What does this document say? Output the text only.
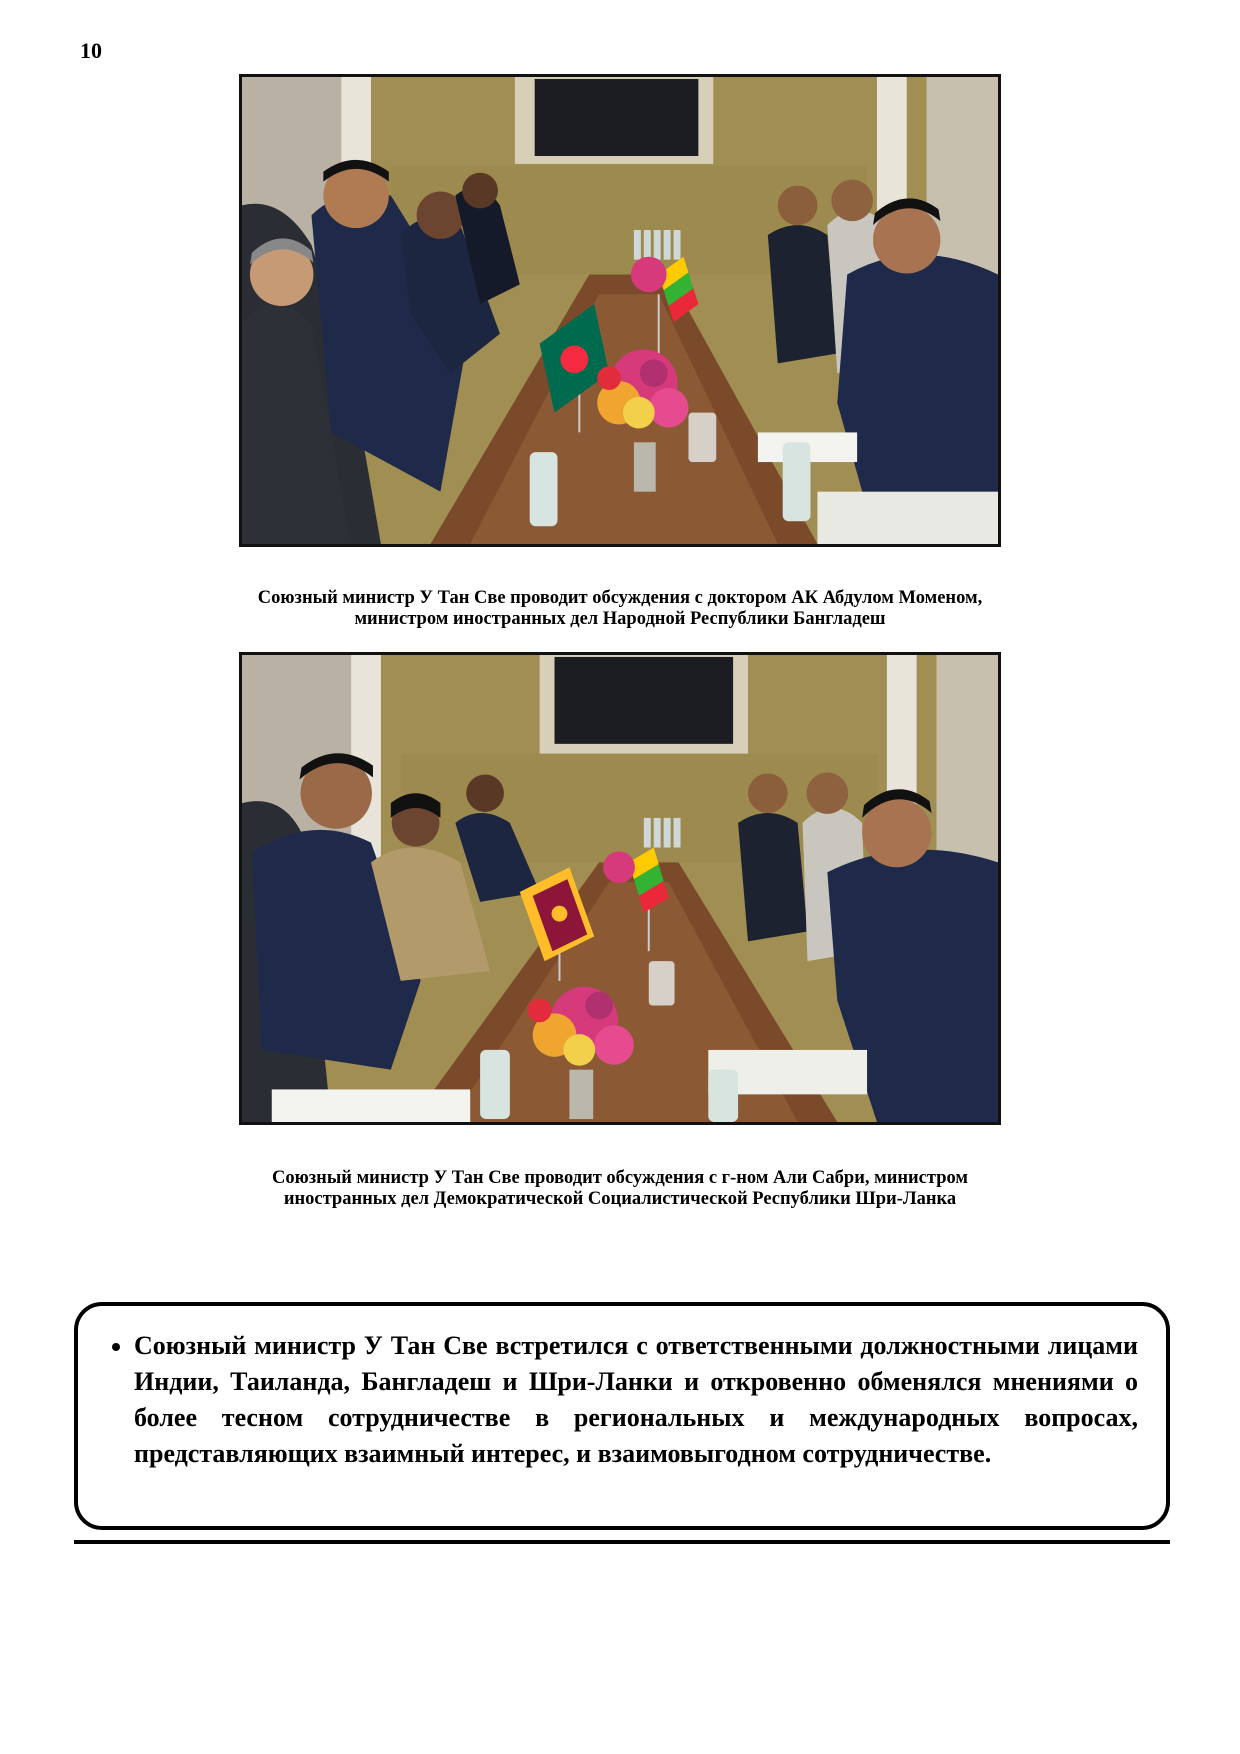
10
Союзный министр У Тан Све проводит обсуждения с доктором АК Абдулом Моменом,
министром иностранных дел Народной Республики Бангладеш
Союзный министр У Тан Све проводит обсуждения с г-ном Али Сабри, министром
иностранных дел Демократической Социалистической Республики Шри-Ланка
• Союзный министр У Тан Све встретился с ответственными должностными лицами Индии, Таиланда, Бангладеш и Шри-Ланки и откровенно обменялся мнениями о более тесном сотрудничестве в региональных и международных вопросах, представляющих взаимный интерес, и взаимовыгодном сотрудничестве.
